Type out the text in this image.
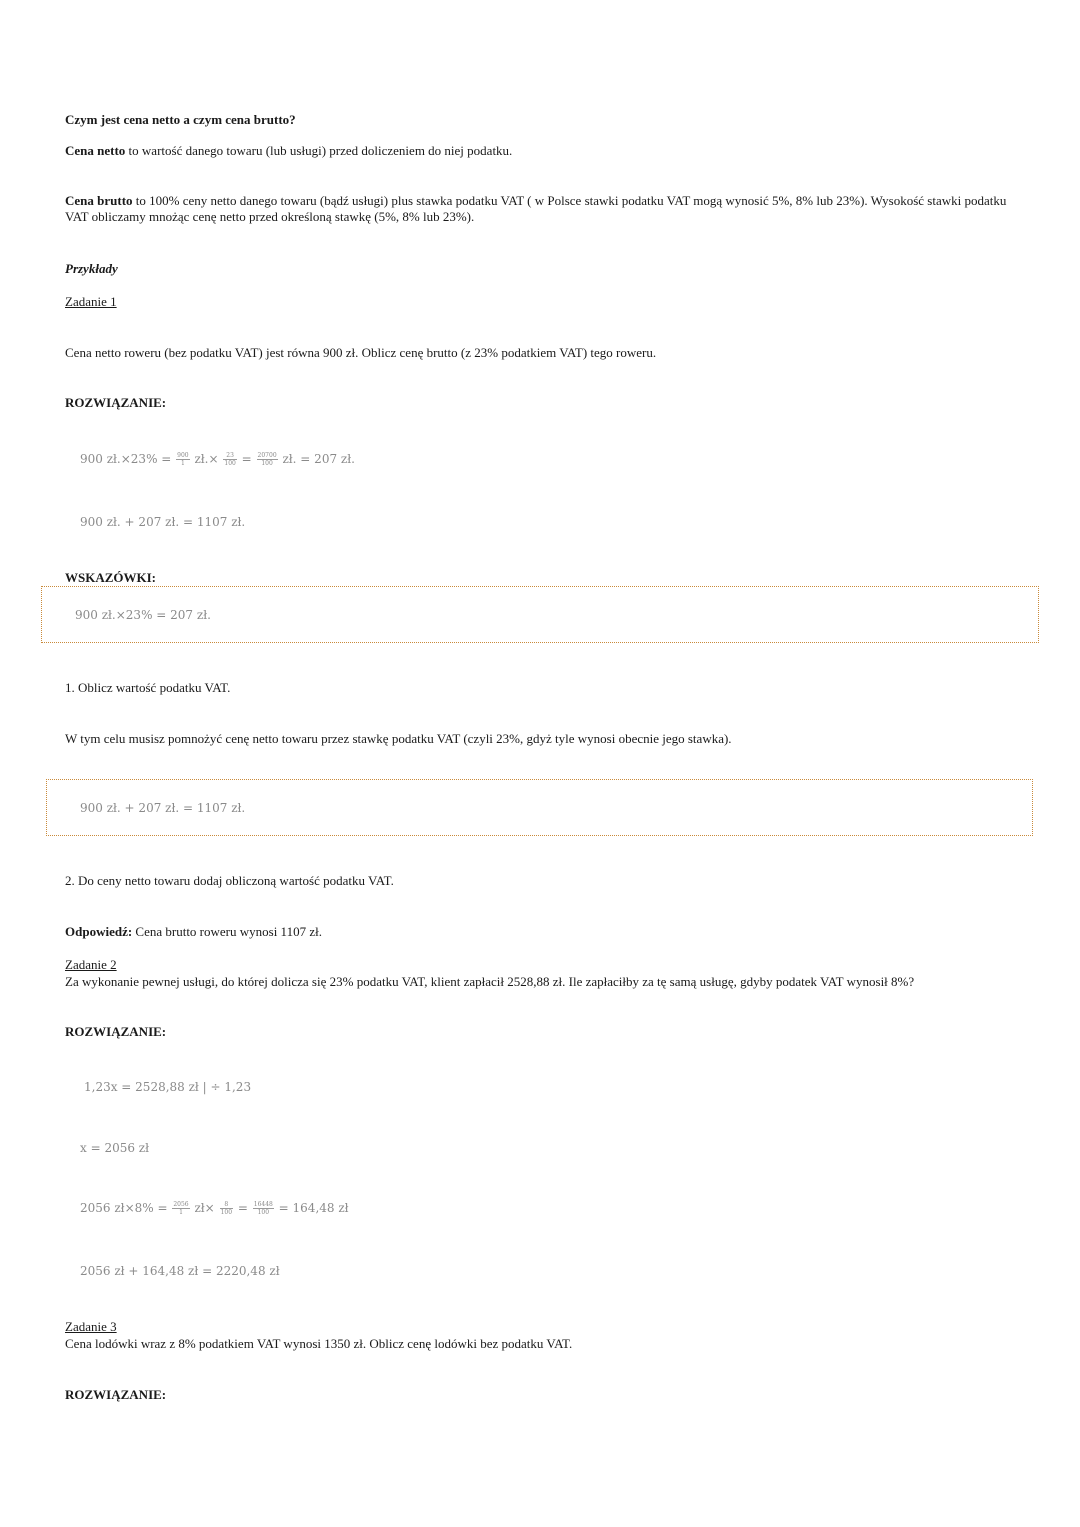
Czym jest cena netto a czym cena brutto?
Cena netto to wartość danego towaru (lub usługi) przed doliczeniem do niej podatku.
Cena brutto to 100% ceny netto danego towaru (bądź usługi) plus stawka podatku VAT ( w Polsce stawki podatku VAT mogą wynosić 5%, 8% lub 23%). Wysokość stawki podatku VAT obliczamy mnożąc cenę netto przed określoną stawkę (5%, 8% lub 23%).
Przykłady
Zadanie 1
Cena netto roweru (bez podatku VAT) jest równa 900 zł. Oblicz cenę brutto (z 23% podatkiem VAT) tego roweru.
ROZWIĄZANIE:
900 zł.×23% = $\frac{900}{1}$ zł.× $\frac{23}{100} = \frac{20700}{100}$ zł. = 207 zł.
900 zł. + 207 zł. = 1107 zł.
WSKAZÓWKI:
900 zł.×23% = 207 zł.
1. Oblicz wartość podatku VAT.
W tym celu musisz pomnożyć cenę netto towaru przez stawkę podatku VAT (czyli 23%, gdyż tyle wynosi obecnie jego stawka).
900 zł. + 207 zł. = 1107 zł.
2. Do ceny netto towaru dodaj obliczoną wartość podatku VAT.
Odpowiedź: Cena brutto roweru wynosi 1107 zł.
Zadanie 2
Za wykonanie pewnej usługi, do której dolicza się 23% podatku VAT, klient zapłacił 2528,88 zł. Ile zapłaciłby za tę samą usługę, gdyby podatek VAT wynosił 8%?
ROZWIĄZANIE:
1,23x = 2528,88 zł | ÷ 1,23
x = 2056 zł
2056 zł×8% = $\frac{2056}{1}$ zł× $\frac{8}{100} = \frac{16448}{100} = 164,48$ zł
2056 zł + 164,48 zł = 2220,48 zł
Zadanie 3
Cena lodówki wraz z 8% podatkiem VAT wynosi 1350 zł. Oblicz cenę lodówki bez podatku VAT.
ROZWIĄZANIE:
